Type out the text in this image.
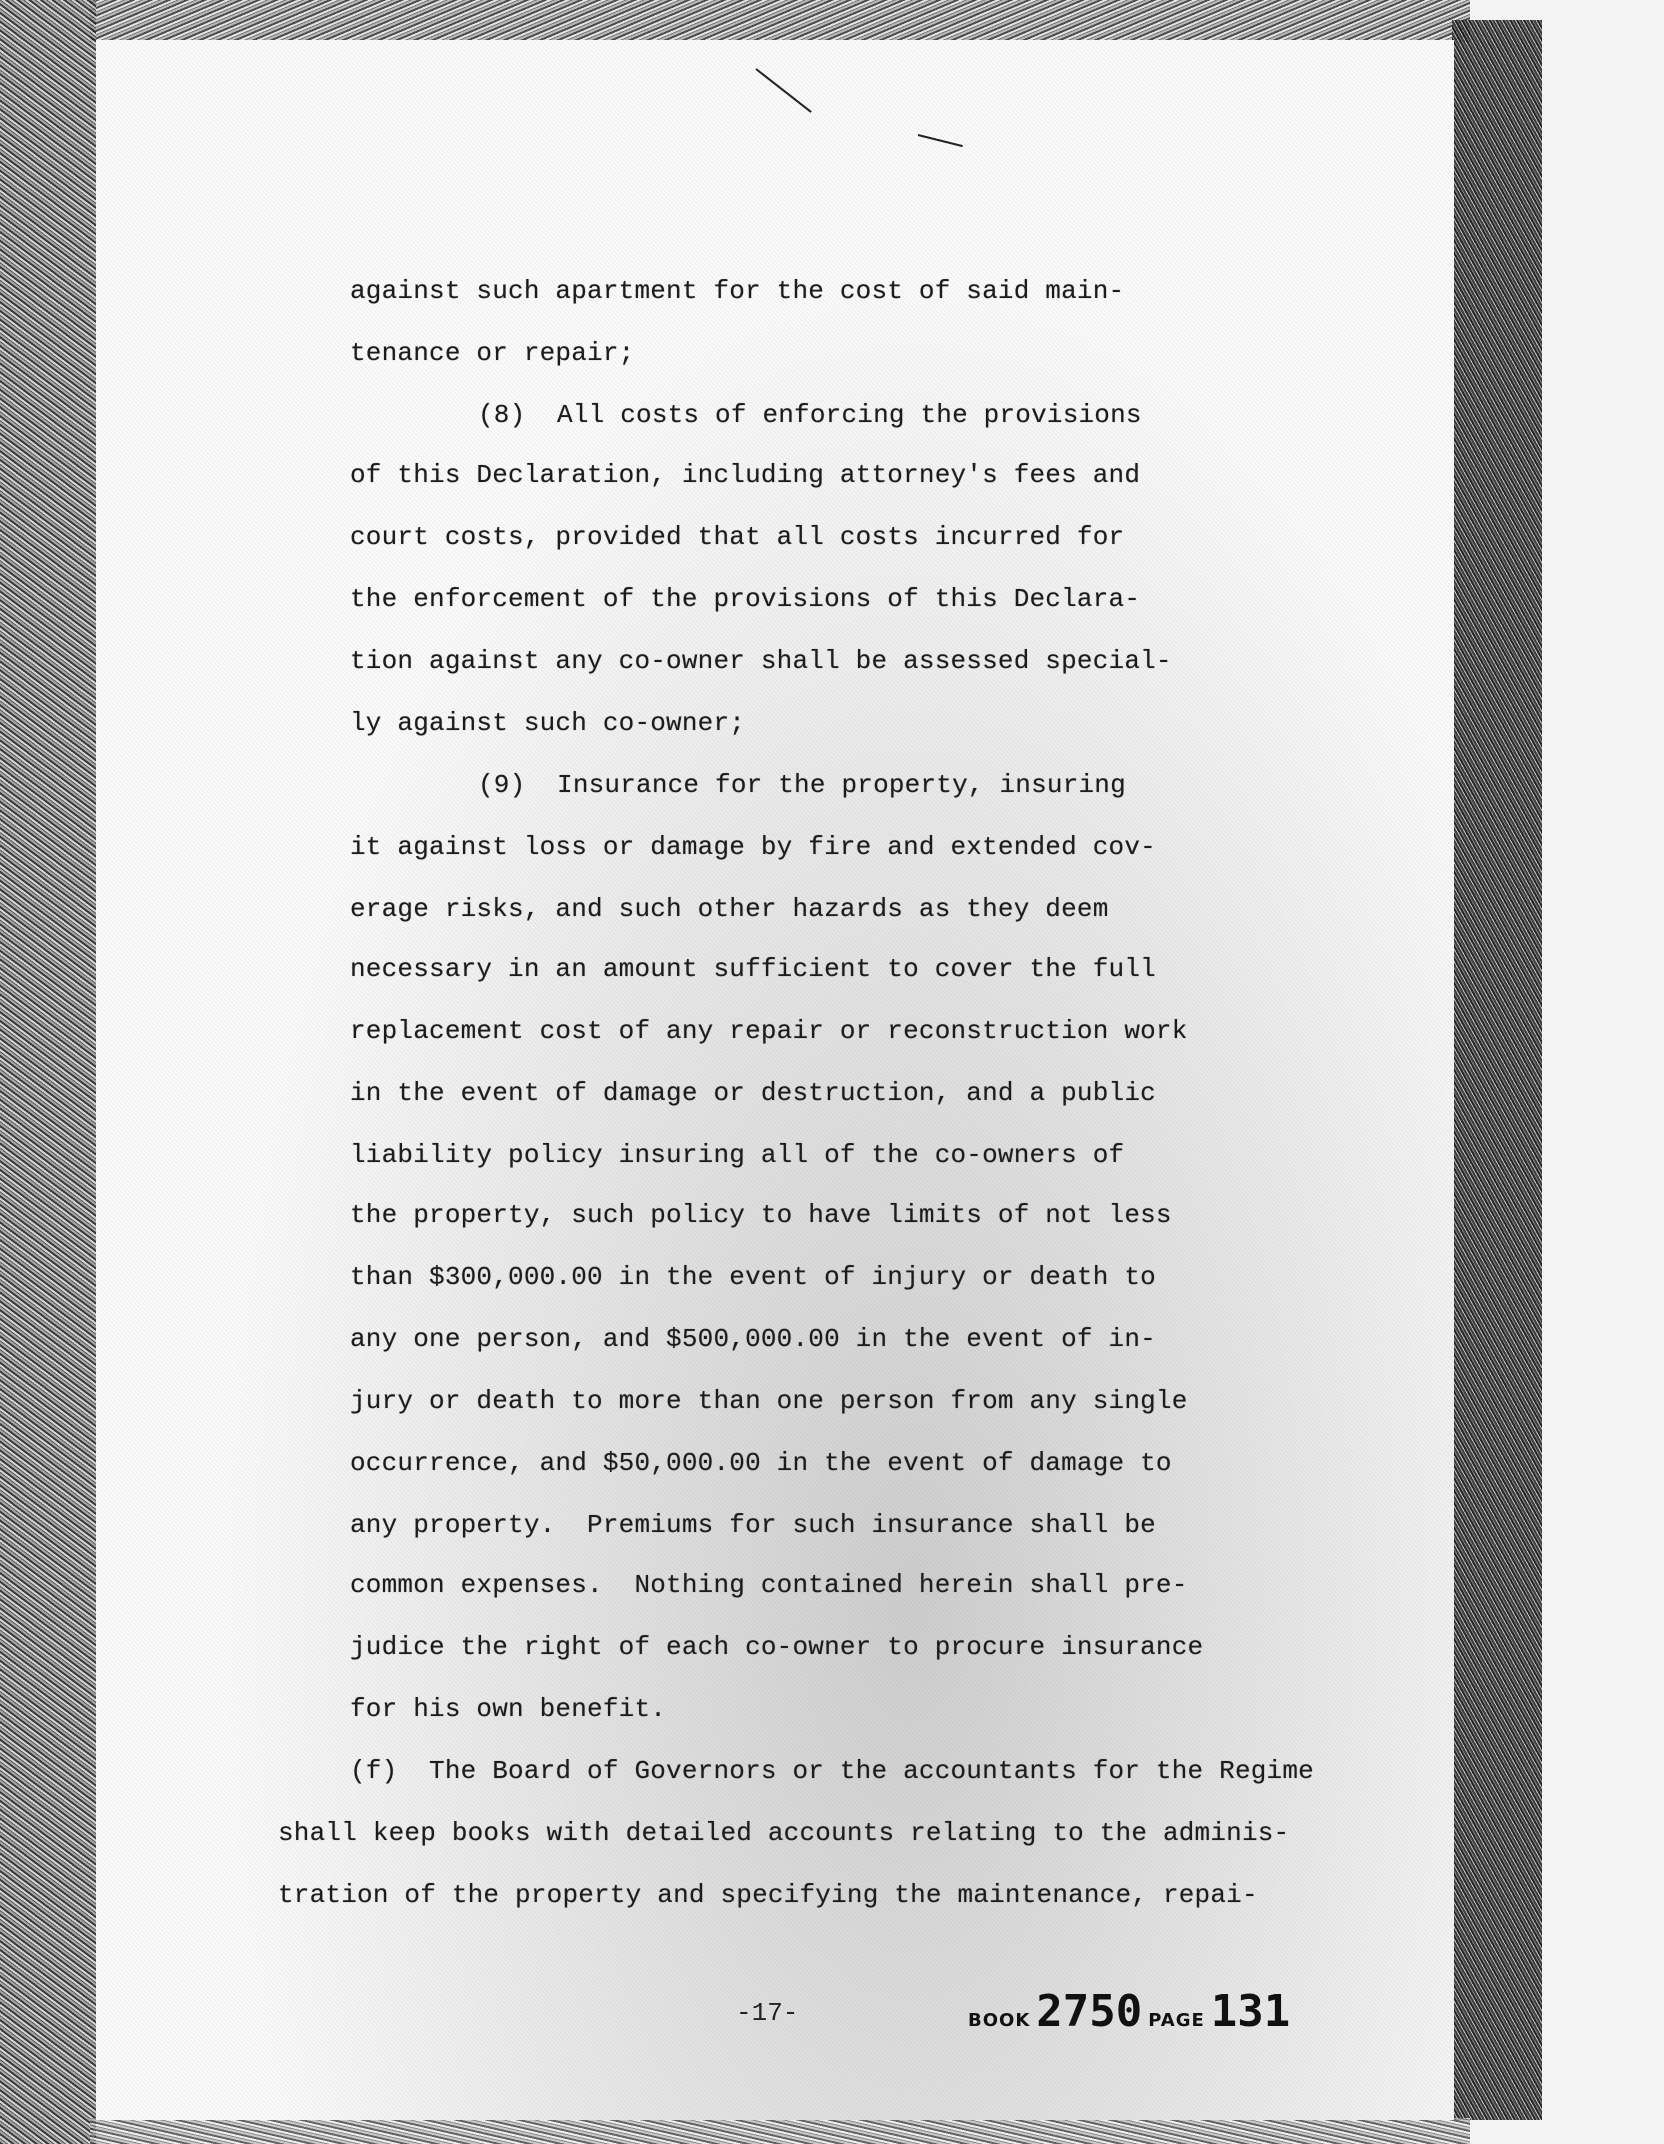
against such apartment for the cost of said main-
tenance or repair;
(8)  All costs of enforcing the provisions
of this Declaration, including attorney's fees and
court costs, provided that all costs incurred for
the enforcement of the provisions of this Declara-
tion against any co-owner shall be assessed special-
ly against such co-owner;
(9)  Insurance for the property, insuring
it against loss or damage by fire and extended cov-
erage risks, and such other hazards as they deem
necessary in an amount sufficient to cover the full
replacement cost of any repair or reconstruction work
in the event of damage or destruction, and a public
liability policy insuring all of the co-owners of
the property, such policy to have limits of not less
than $300,000.00 in the event of injury or death to
any one person, and $500,000.00 in the event of in-
jury or death to more than one person from any single
occurrence, and $50,000.00 in the event of damage to
any property.  Premiums for such insurance shall be
common expenses.  Nothing contained herein shall pre-
judice the right of each co-owner to procure insurance
for his own benefit.
(f)  The Board of Governors or the accountants for the Regime
shall keep books with detailed accounts relating to the adminis-
tration of the property and specifying the maintenance, repai-
-17-	BOOK 2750 PAGE 131
